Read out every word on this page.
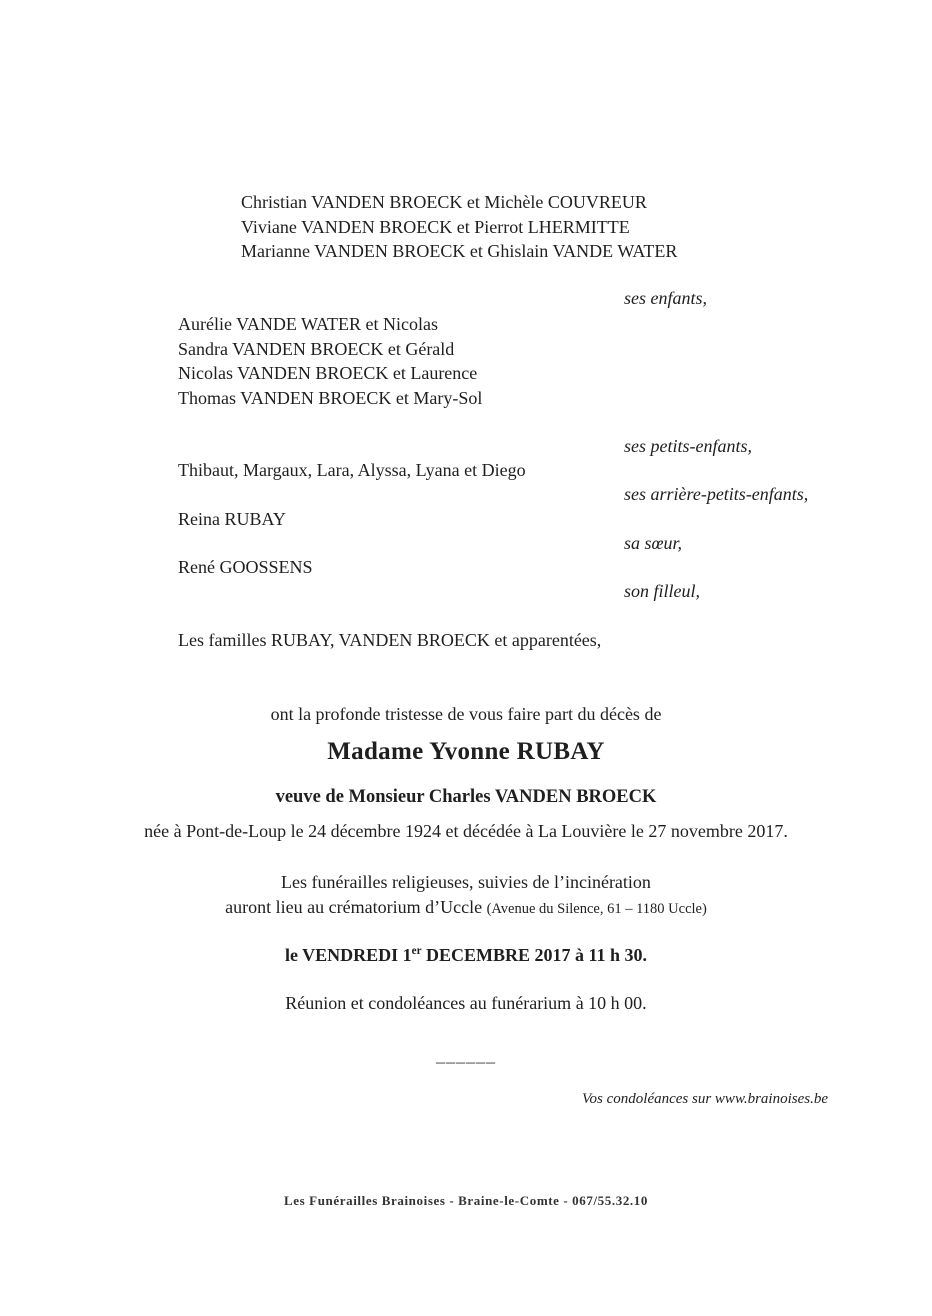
Christian VANDEN BROECK et Michèle COUVREUR
Viviane VANDEN BROECK et Pierrot LHERMITTE
Marianne VANDEN BROECK et Ghislain VANDE WATER
ses enfants,
Aurélie VANDE WATER et Nicolas
Sandra VANDEN BROECK et Gérald
Nicolas VANDEN BROECK et Laurence
Thomas VANDEN BROECK et Mary-Sol
ses petits-enfants,
Thibaut, Margaux, Lara, Alyssa, Lyana et Diego
ses arrière-petits-enfants,
Reina RUBAY
sa sœur,
René GOOSSENS
son filleul,
Les familles RUBAY, VANDEN BROECK et apparentées,
ont la profonde tristesse de vous faire part du décès de
Madame Yvonne RUBAY
veuve de Monsieur Charles VANDEN BROECK
née à Pont-de-Loup le 24 décembre 1924 et décédée à La Louvière le 27 novembre 2017.
Les funérailles religieuses, suivies de l’incinération
auront lieu au crématorium d’Uccle (Avenue du Silence, 61 – 1180 Uccle)
le VENDREDI 1er DECEMBRE 2017 à 11 h 30.
Réunion et condoléances au funérarium à 10 h 00.
______
Vos condoléances sur www.brainoises.be
Les Funérailles Brainoises - Braine-le-Comte - 067/55.32.10
